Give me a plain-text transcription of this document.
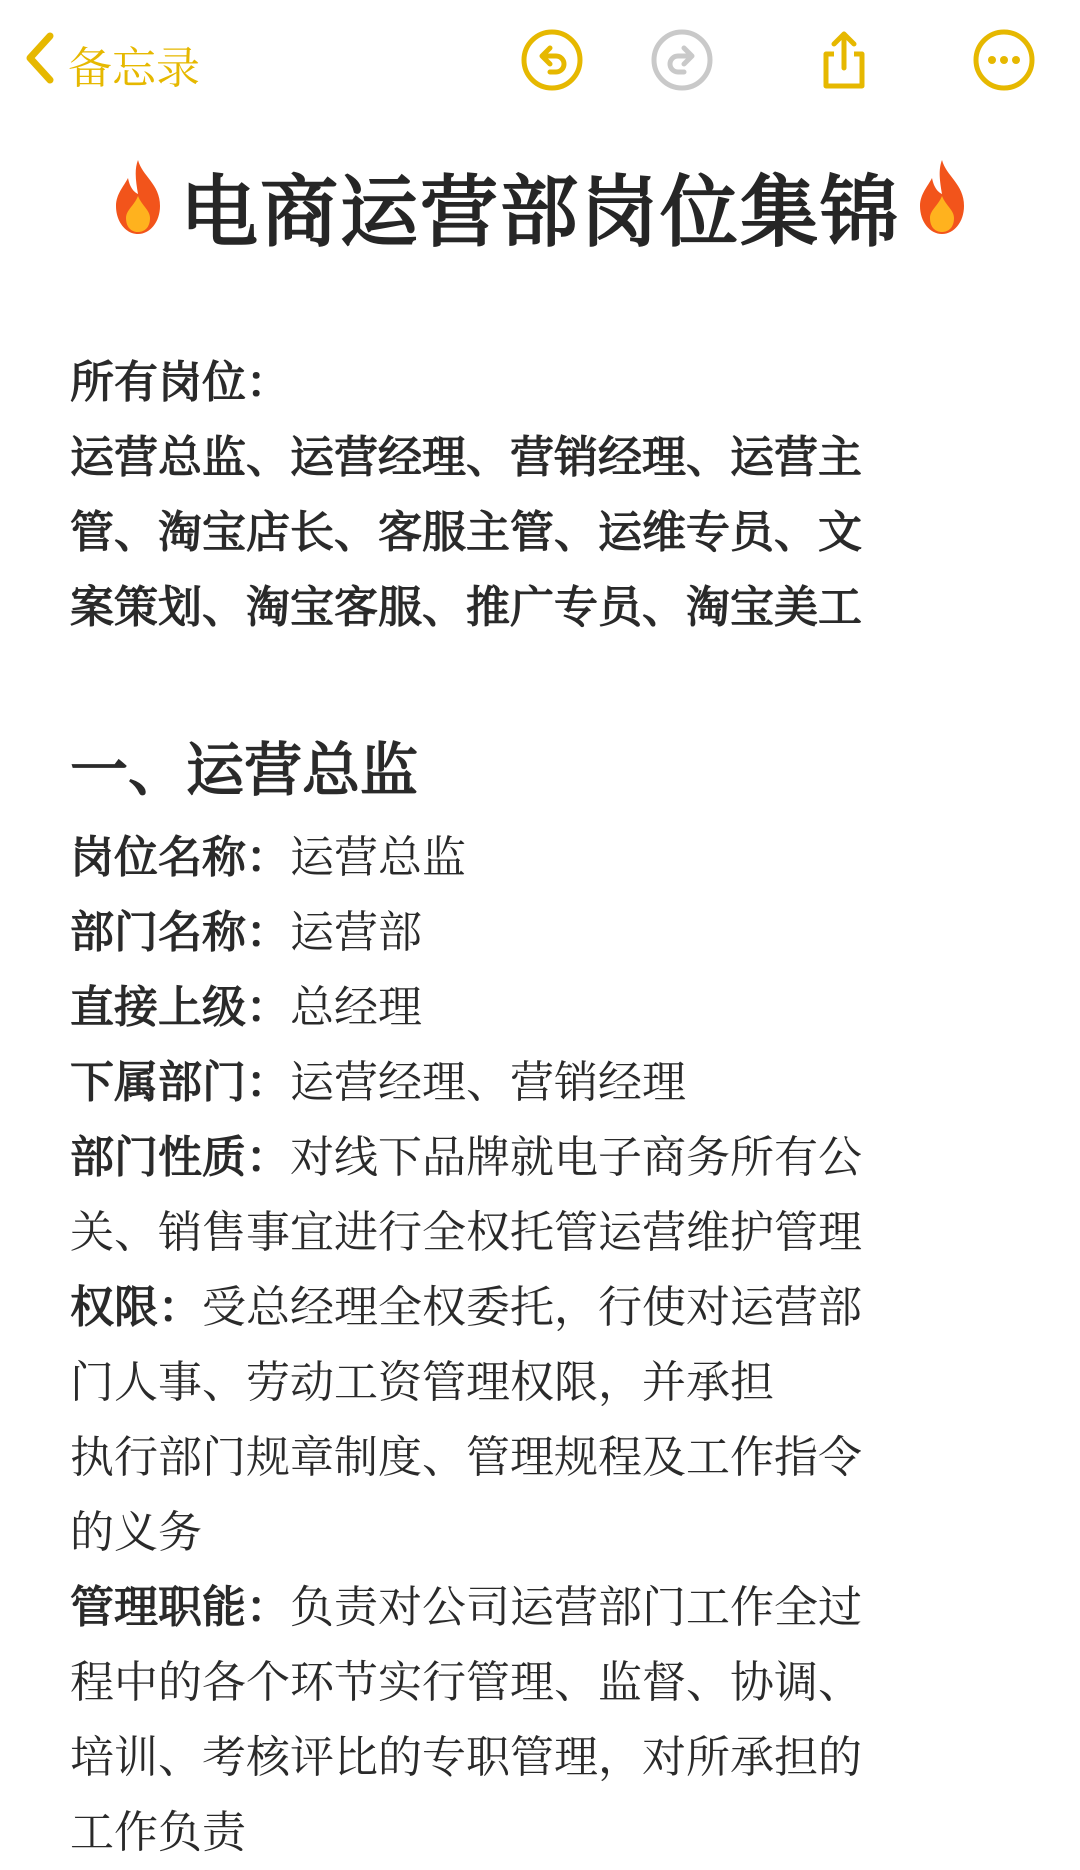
备忘录
电商运营部岗位集锦

所有岗位：

运营总监、运营经理、营销经理、运营主

管、淘宝店长、客服主管、运维专员、文

案策划、淘宝客服、推广专员、淘宝美工

一、运营总监

岗位名称：运营总监

部门名称：运营部

直接上级：总经理

下属部门：运营经理、营销经理

部门性质：对线下品牌就电子商务所有公

关、销售事宜进行全权托管运营维护管理

权限：受总经理全权委托，行使对运营部

门人事、劳动工资管理权限，并承担

执行部门规章制度、管理规程及工作指令

的义务

管理职能：负责对公司运营部门工作全过

程中的各个环节实行管理、监督、协调、

培训、考核评比的专职管理，对所承担的

工作负责
